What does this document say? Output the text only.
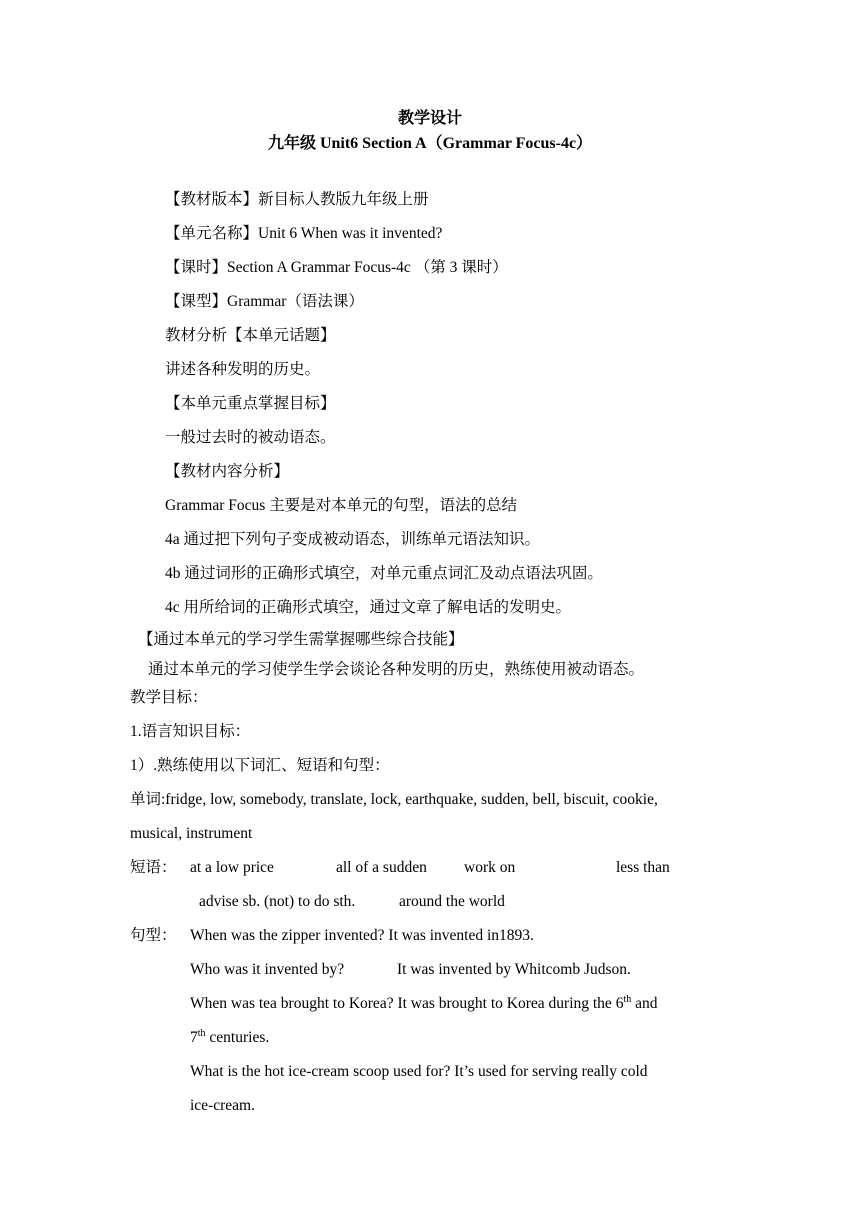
教学设计
九年级 Unit6 Section A（Grammar Focus-4c）
【教材版本】新目标人教版九年级上册
【单元名称】Unit 6 When was it invented?
【课时】Section A Grammar Focus-4c （第 3 课时）
【课型】Grammar（语法课）
教材分析【本单元话题】
讲述各种发明的历史。
【本单元重点掌握目标】
一般过去时的被动语态。
【教材内容分析】
Grammar Focus 主要是对本单元的句型，语法的总结
4a 通过把下列句子变成被动语态，训练单元语法知识。
4b 通过词形的正确形式填空，对单元重点词汇及动点语法巩固。
4c 用所给词的正确形式填空，通过文章了解电话的发明史。
【通过本单元的学习学生需掌握哪些综合技能】
通过本单元的学习使学生学会谈论各种发明的历史，熟练使用被动语态。
教学目标：
1.语言知识目标：
1）.熟练使用以下词汇、短语和句型：
单词:fridge, low, somebody, translate, lock, earthquake, sudden, bell, biscuit, cookie,
musical, instrument
短语： at a low price	all of a sudden work on	less than
advise sb. (not) to do sth.	around the world
句型： When was the zipper invented? It was invented in1893.
Who was it invented by?	It was invented by Whitcomb Judson.
When was tea brought to Korea? It was brought to Korea during the 6th and
7th centuries.
What is the hot ice-cream scoop used for? It’s used for serving really cold
ice-cream.
